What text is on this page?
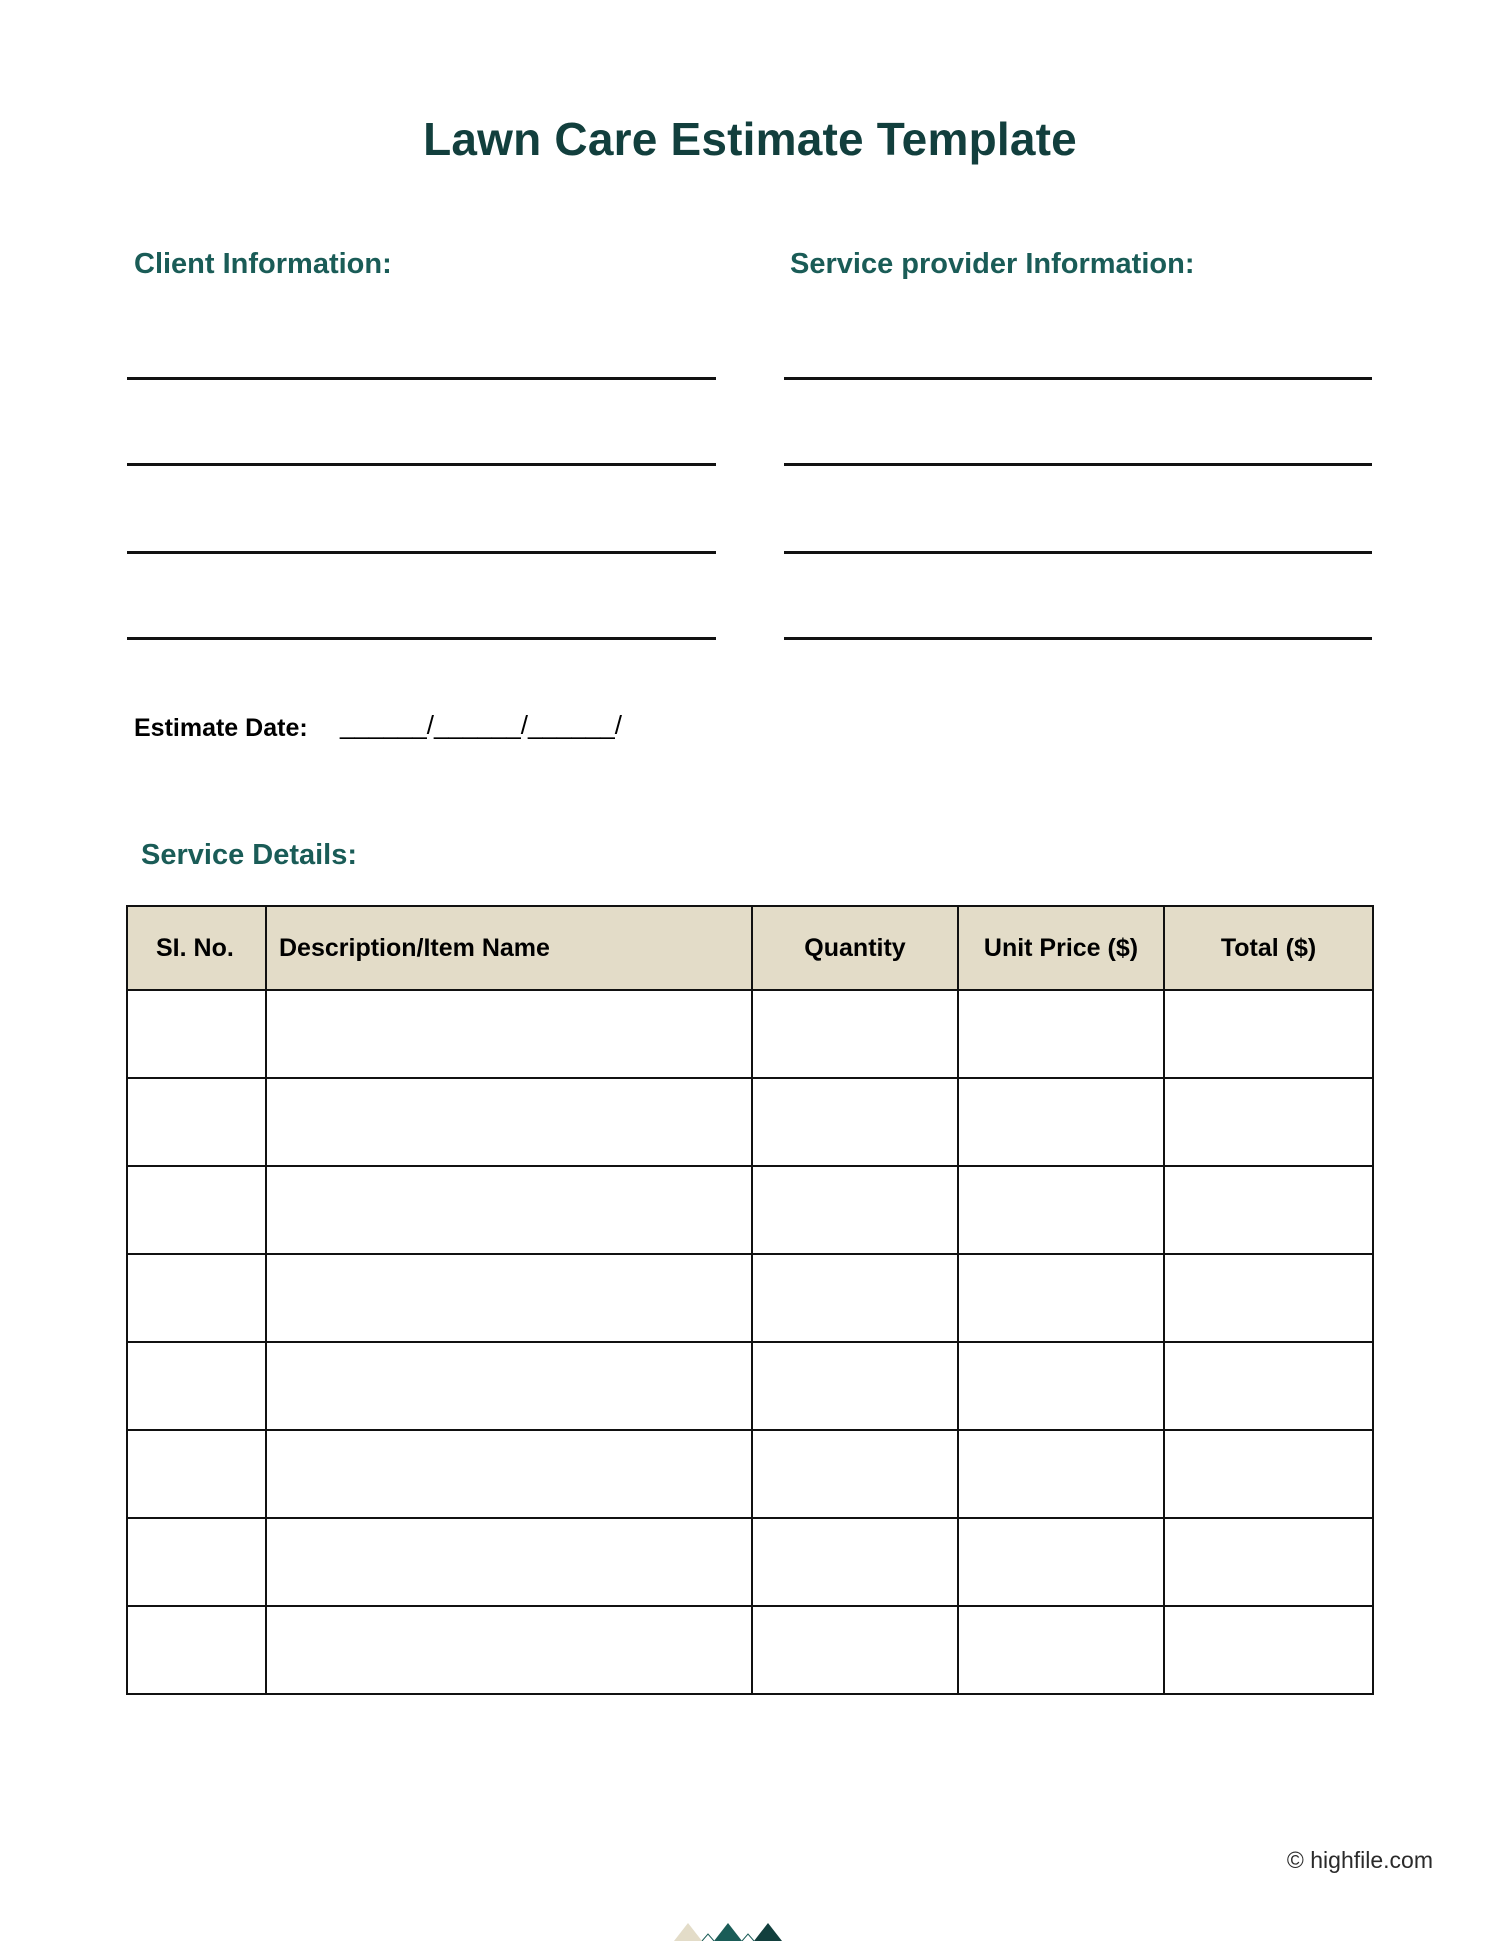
Lawn Care Estimate Template
Client Information:	Service provider Information:
Estimate Date: ______/______/______/
Service Details:
SI. No.	Description/Item Name	Quantity	Unit Price ($)	Total ($)

© highfile.com
